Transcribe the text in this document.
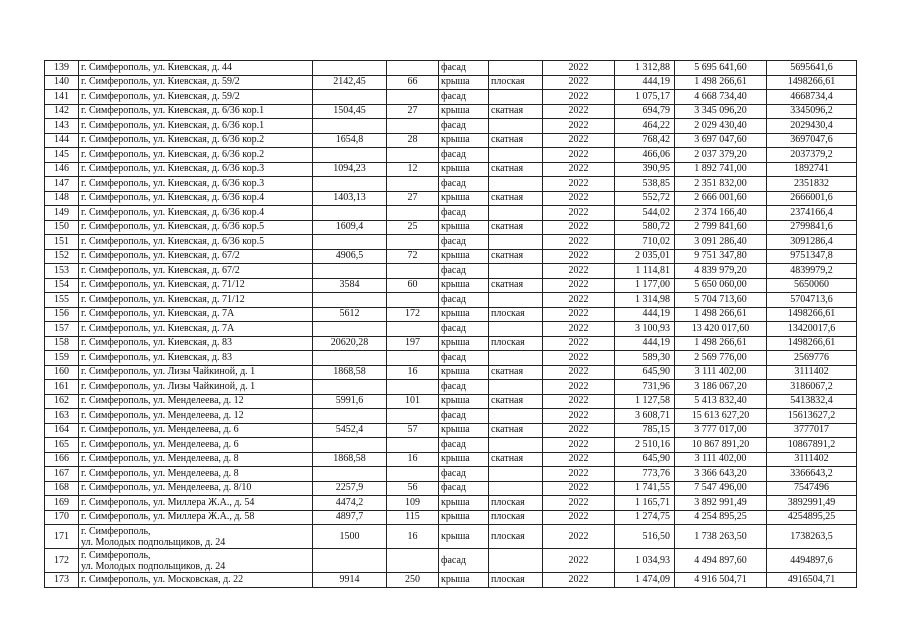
139	г. Симферополь, ул. Киевская, д. 44			фасад		2022	1 312,88	5 695 641,60	5695641,6
140	г. Симферополь, ул. Киевская, д. 59/2	2142,45	66	крыша	плоская	2022	444,19	1 498 266,61	1498266,61
141	г. Симферополь, ул. Киевская, д. 59/2			фасад		2022	1 075,17	4 668 734,40	4668734,4
142	г. Симферополь, ул. Киевская, д. 6/36 кор.1	1504,45	27	крыша	скатная	2022	694,79	3 345 096,20	3345096,2
143	г. Симферополь, ул. Киевская, д. 6/36 кор.1			фасад		2022	464,22	2 029 430,40	2029430,4
144	г. Симферополь, ул. Киевская, д. 6/36 кор.2	1654,8	28	крыша	скатная	2022	768,42	3 697 047,60	3697047,6
145	г. Симферополь, ул. Киевская, д. 6/36 кор.2			фасад		2022	466,06	2 037 379,20	2037379,2
146	г. Симферополь, ул. Киевская, д. 6/36 кор.3	1094,23	12	крыша	скатная	2022	390,95	1 892 741,00	1892741
147	г. Симферополь, ул. Киевская, д. 6/36 кор.3			фасад		2022	538,85	2 351 832,00	2351832
148	г. Симферополь, ул. Киевская, д. 6/36 кор.4	1403,13	27	крыша	скатная	2022	552,72	2 666 001,60	2666001,6
149	г. Симферополь, ул. Киевская, д. 6/36 кор.4			фасад		2022	544,02	2 374 166,40	2374166,4
150	г. Симферополь, ул. Киевская, д. 6/36 кор.5	1609,4	25	крыша	скатная	2022	580,72	2 799 841,60	2799841,6
151	г. Симферополь, ул. Киевская, д. 6/36 кор.5			фасад		2022	710,02	3 091 286,40	3091286,4
152	г. Симферополь, ул. Киевская, д. 67/2	4906,5	72	крыша	скатная	2022	2 035,01	9 751 347,80	9751347,8
153	г. Симферополь, ул. Киевская, д. 67/2			фасад		2022	1 114,81	4 839 979,20	4839979,2
154	г. Симферополь, ул. Киевская, д. 71/12	3584	60	крыша	скатная	2022	1 177,00	5 650 060,00	5650060
155	г. Симферополь, ул. Киевская, д. 71/12			фасад		2022	1 314,98	5 704 713,60	5704713,6
156	г. Симферополь, ул. Киевская, д. 7А	5612	172	крыша	плоская	2022	444,19	1 498 266,61	1498266,61
157	г. Симферополь, ул. Киевская, д. 7А			фасад		2022	3 100,93	13 420 017,60	13420017,6
158	г. Симферополь, ул. Киевская, д. 83	20620,28	197	крыша	плоская	2022	444,19	1 498 266,61	1498266,61
159	г. Симферополь, ул. Киевская, д. 83			фасад		2022	589,30	2 569 776,00	2569776
160	г. Симферополь, ул. Лизы Чайкиной, д. 1	1868,58	16	крыша	скатная	2022	645,90	3 111 402,00	3111402
161	г. Симферополь, ул. Лизы Чайкиной, д. 1			фасад		2022	731,96	3 186 067,20	3186067,2
162	г. Симферополь, ул. Менделеева, д. 12	5991,6	101	крыша	скатная	2022	1 127,58	5 413 832,40	5413832,4
163	г. Симферополь, ул. Менделеева, д. 12			фасад		2022	3 608,71	15 613 627,20	15613627,2
164	г. Симферополь, ул. Менделеева, д. 6	5452,4	57	крыша	скатная	2022	785,15	3 777 017,00	3777017
165	г. Симферополь, ул. Менделеева, д. 6			фасад		2022	2 510,16	10 867 891,20	10867891,2
166	г. Симферополь, ул. Менделеева, д. 8	1868,58	16	крыша	скатная	2022	645,90	3 111 402,00	3111402
167	г. Симферополь, ул. Менделеева, д. 8			фасад		2022	773,76	3 366 643,20	3366643,2
168	г. Симферополь, ул. Менделеева, д. 8/10	2257,9	56	фасад		2022	1 741,55	7 547 496,00	7547496
169	г. Симферополь, ул. Миллера Ж.А., д. 54	4474,2	109	крыша	плоская	2022	1 165,71	3 892 991,49	3892991,49
170	г. Симферополь, ул. Миллера Ж.А., д. 58	4897,7	115	крыша	плоская	2022	1 274,75	4 254 895,25	4254895,25
171	г. Симферополь,
ул. Молодых подпольщиков, д. 24	1500	16	крыша	плоская	2022	516,50	1 738 263,50	1738263,5
172	г. Симферополь,
ул. Молодых подпольщиков, д. 24			фасад		2022	1 034,93	4 494 897,60	4494897,6
173	г. Симферополь, ул. Московская, д. 22	9914	250	крыша	плоская	2022	1 474,09	4 916 504,71	4916504,71
